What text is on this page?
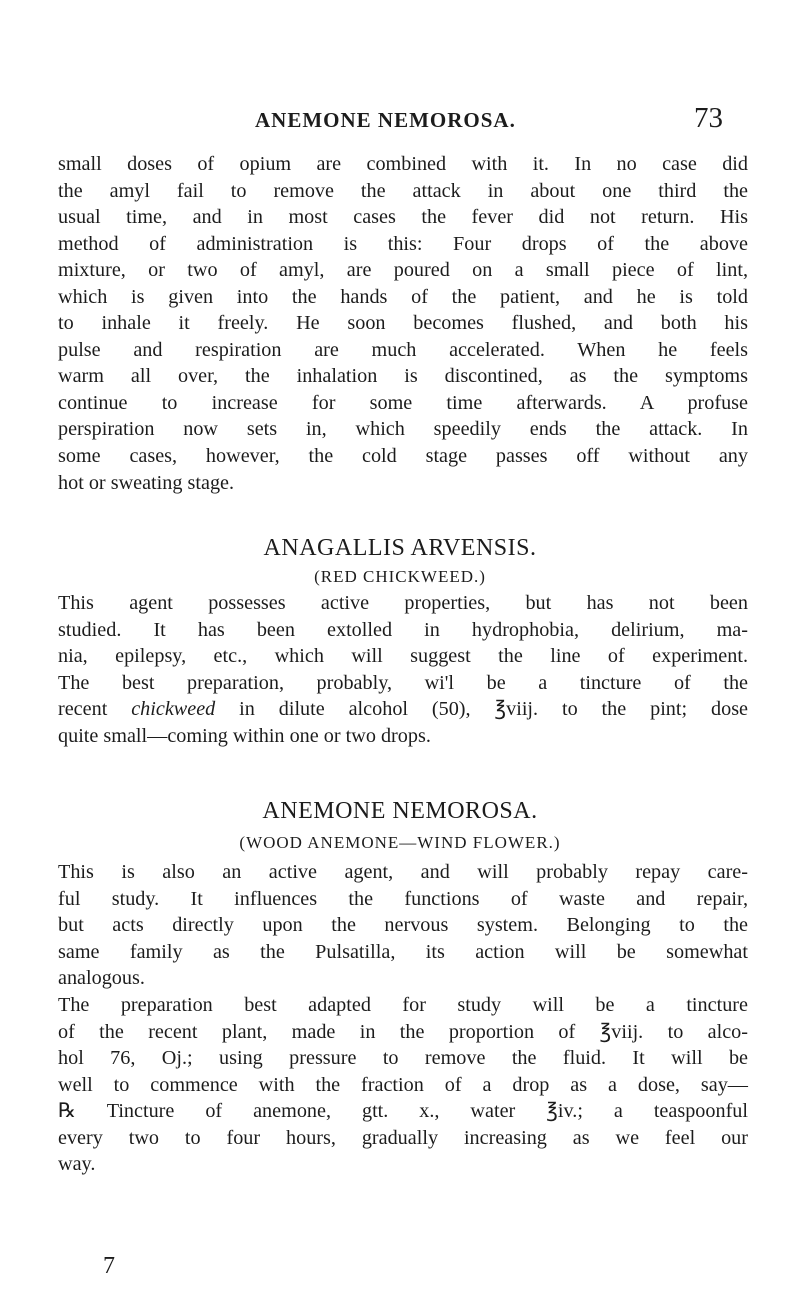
ANEMONE NEMOROSA.	73
small doses of opium are combined with it. In no case did
the amyl fail to remove the attack in about one third the
usual time, and in most cases the fever did not return. His
method of administration is this: Four drops of the above
mixture, or two of amyl, are poured on a small piece of lint,
which is given into the hands of the patient, and he is told
to inhale it freely. He soon becomes flushed, and both his
pulse and respiration are much accelerated. When he feels
warm all over, the inhalation is discontined, as the symptoms
continue to increase for some time afterwards. A profuse
perspiration now sets in, which speedily ends the attack. In
some cases, however, the cold stage passes off without any
hot or sweating stage.
ANAGALLIS ARVENSIS.
(RED CHICKWEED.)
This agent possesses active properties, but has not been
studied. It has been extolled in hydrophobia, delirium, ma-
nia, epilepsy, etc., which will suggest the line of experiment.
The best preparation, probably, wi'l be a tincture of the
recent chickweed in dilute alcohol (50), ℥viij. to the pint; dose
quite small—coming within one or two drops.
ANEMONE NEMOROSA.
(WOOD ANEMONE—WIND FLOWER.)
This is also an active agent, and will probably repay care-
ful study. It influences the functions of waste and repair,
but acts directly upon the nervous system. Belonging to the
same family as the Pulsatilla, its action will be somewhat
analogous.
The preparation best adapted for study will be a tincture
of the recent plant, made in the proportion of ℥viij. to alco-
hol 76, Oj.; using pressure to remove the fluid. It will be
well to commence with the fraction of a drop as a dose, say—
℞ Tincture of anemone, gtt. x., water ℥iv.; a teaspoonful
every two to four hours, gradually increasing as we feel our
way.
7
